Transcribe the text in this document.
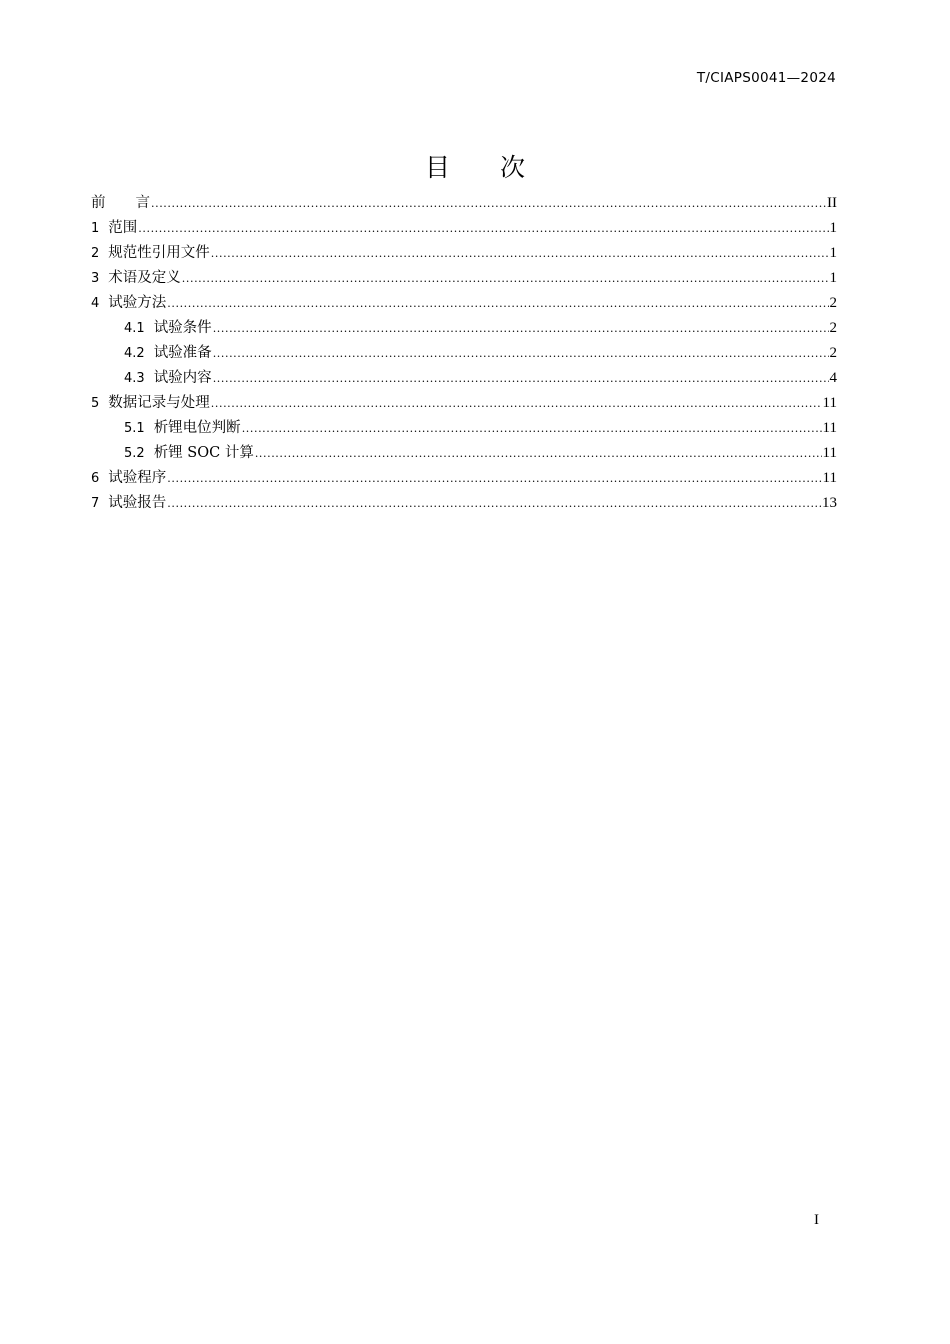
T/CIAPS0041—2024
目 次
前 言 .....	II
1 范围 .....	1
2 规范性引用文件 .....	1
3 术语及定义 .....	1
4 试验方法 .....	2
4.1 试验条件 .....	2
4.2 试验准备 .....	2
4.3 试验内容 .....	4
5 数据记录与处理 .....	11
5.1 析锂电位判断 .....	11
5.2 析锂 SOC 计算 .....	11
6 试验程序 .....	11
7 试验报告 .....	13
I
